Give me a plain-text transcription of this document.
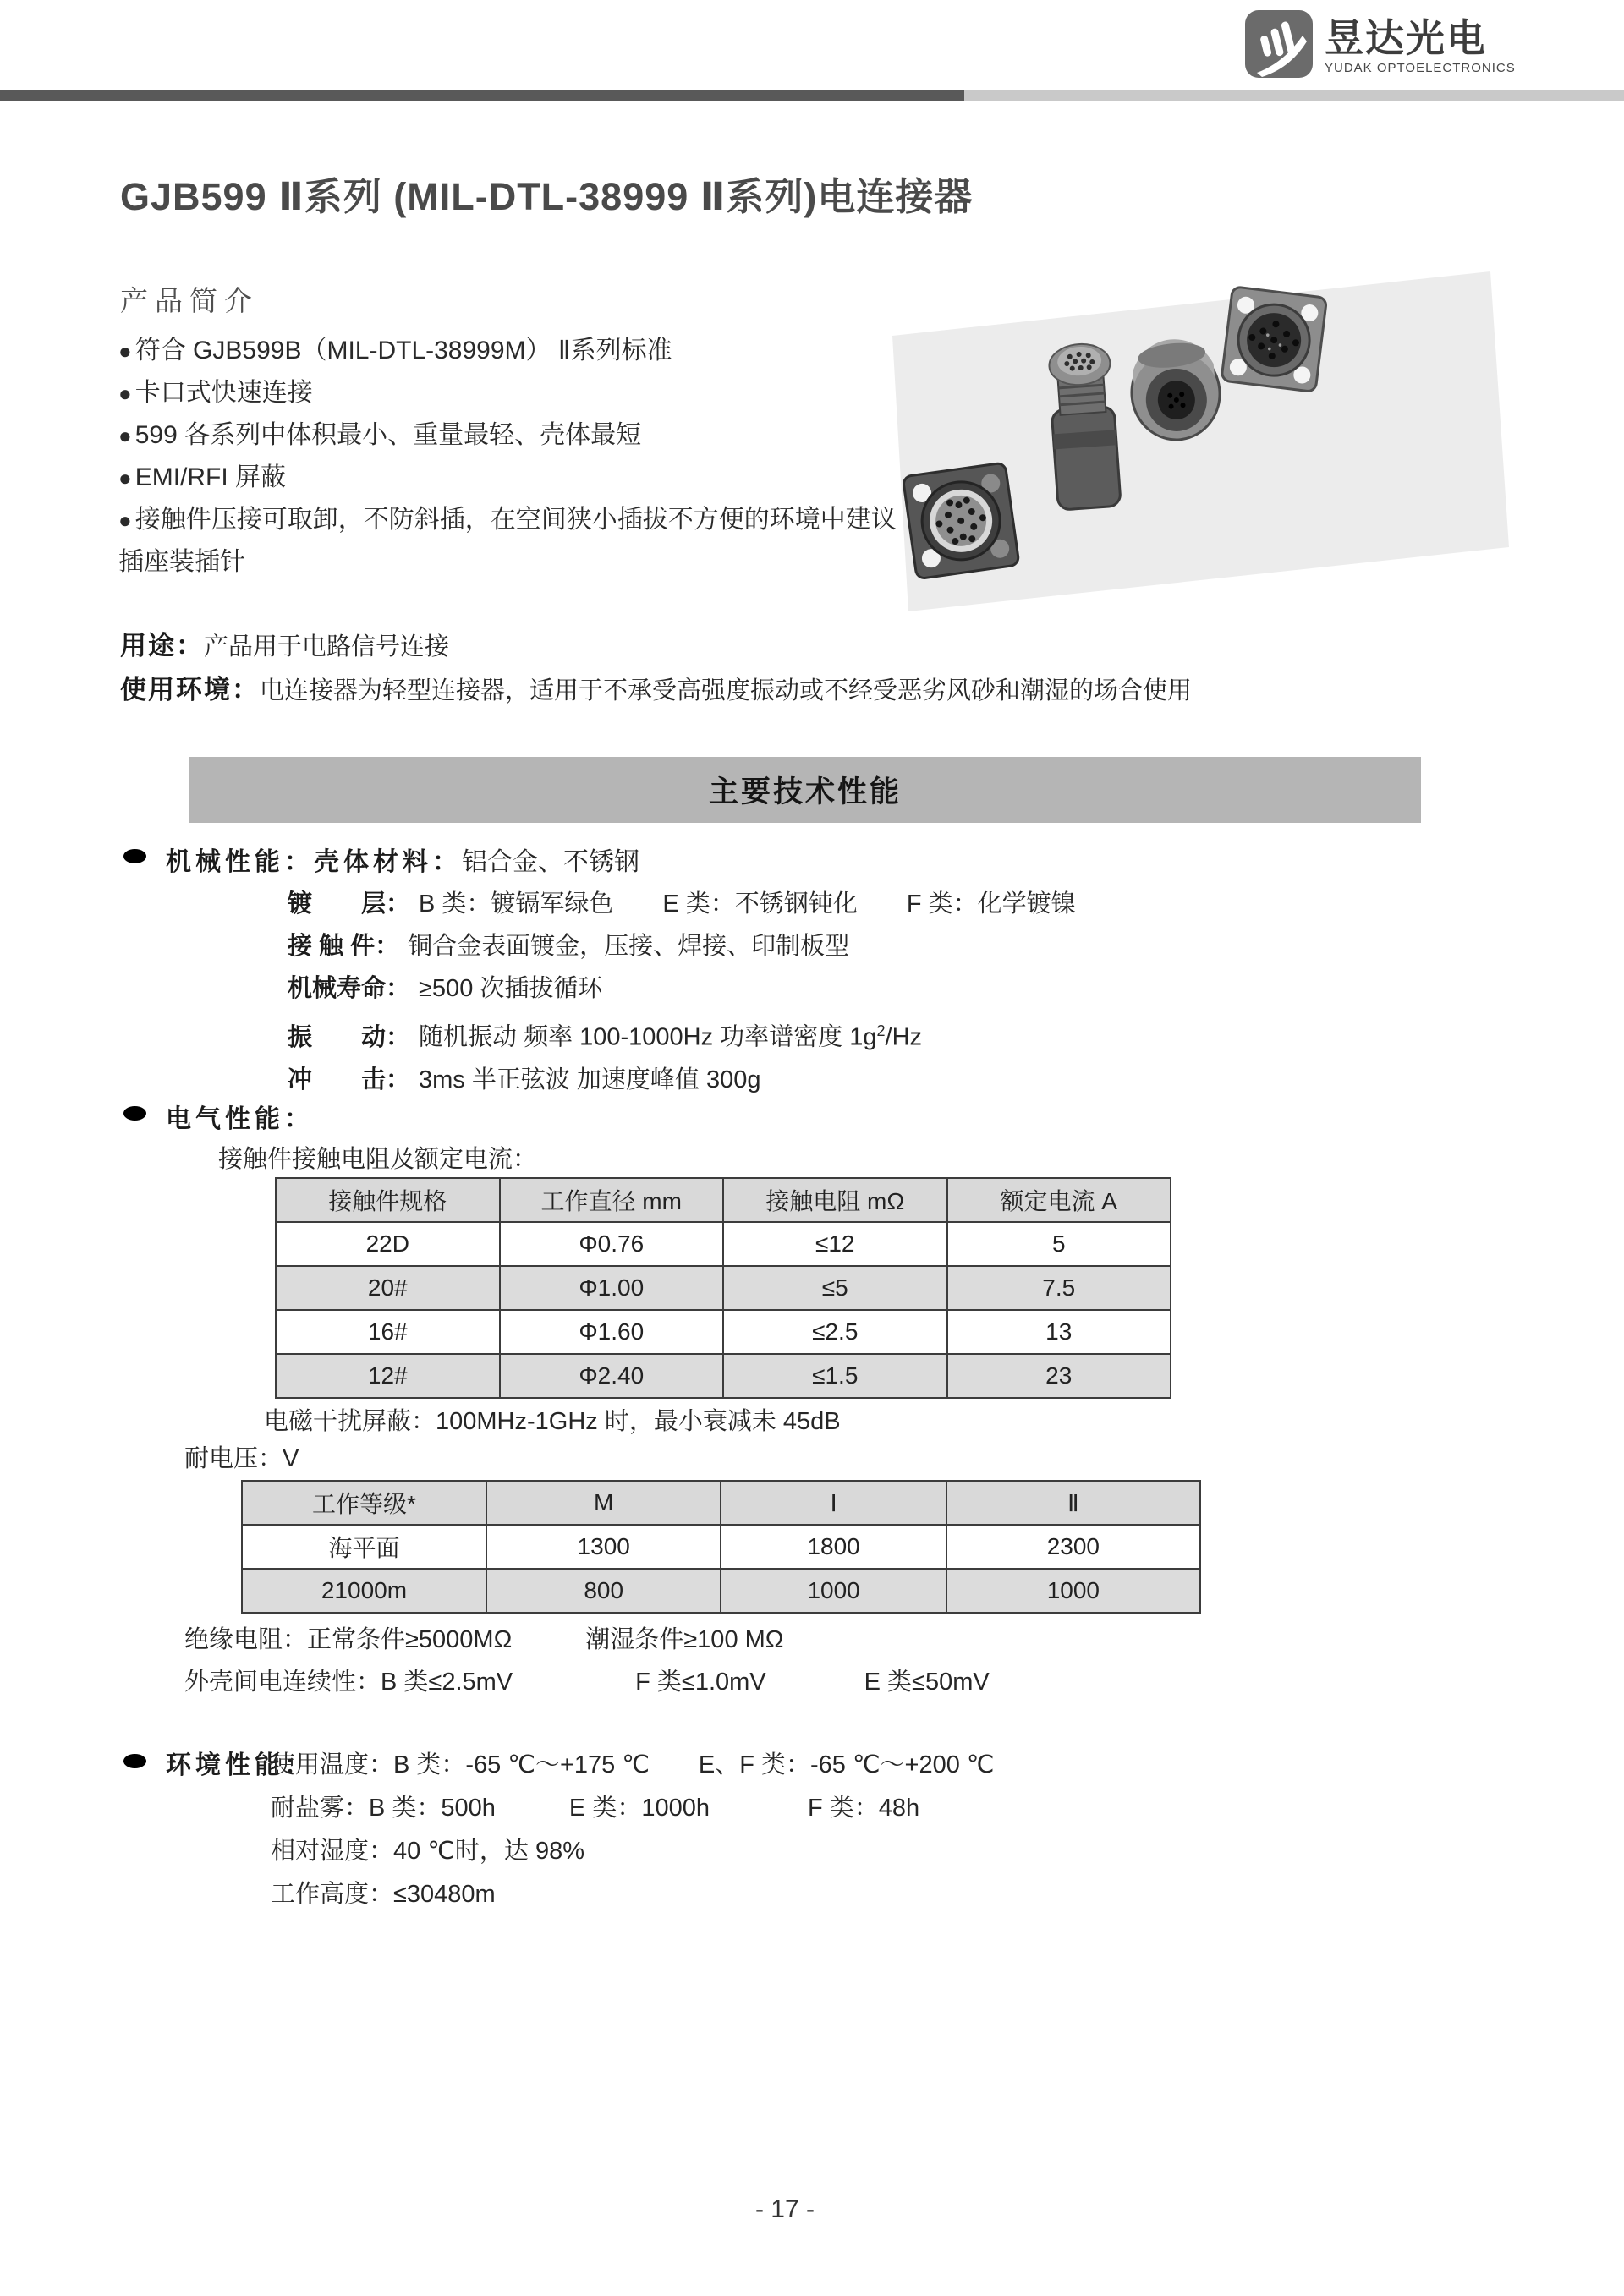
昱达光电
YUDAK OPTOELECTRONICS
GJB599 Ⅱ系列 (MIL-DTL-38999 Ⅱ系列)电连接器
产品简介
● 符合 GJB599B（MIL-DTL-38999M） Ⅱ系列标准
● 卡口式快速连接
● 599 各系列中体积最小、重量最轻、壳体最短
● EMI/RFI 屏蔽
● 接触件压接可取卸，不防斜插，在空间狭小插拔不方便的环境中建议
插座装插针
用途：产品用于电路信号连接
使用环境：电连接器为轻型连接器，适用于不承受高强度振动或不经受恶劣风砂和潮湿的场合使用
主要技术性能
机械性能：壳体材料：铝合金、不锈钢
镀　　层： B 类：镀镉军绿色　　E 类：不锈钢钝化　　F 类：化学镀镍
接 触 件： 铜合金表面镀金，压接、焊接、印制板型
机械寿命： ≥500 次插拔循环
振　　动： 随机振动 频率 100-1000Hz 功率谱密度 $1g^2/Hz$
冲　　击： 3ms 半正弦波 加速度峰值 300g
电气性能：
接触件接触电阻及额定电流：
接触件规格	工作直径 mm	接触电阻 mΩ	额定电流 A
22D	Φ0.76	≤12	5
20#	Φ1.00	≤5	7.5
16#	Φ1.60	≤2.5	13
12#	Φ2.40	≤1.5	23
电磁干扰屏蔽：100MHz-1GHz 时，最小衰减未 45dB
耐电压：V
工作等级*	M	Ⅰ	Ⅱ
海平面	1300	1800	2300
21000m	800	1000	1000
绝缘电阻：正常条件≥5000MΩ　　　潮湿条件≥100 MΩ
外壳间电连续性：B 类≤2.5mV　　　　　F 类≤1.0mV　　　　E 类≤50mV
环境性能：
使用温度：B 类：-65 ℃～+175 ℃　　E、F 类：-65 ℃～+200 ℃
耐盐雾：B 类：500h　　　E 类：1000h　　　　F 类：48h
相对湿度：40 ℃时，达 98%
工作高度：≤30480m
- 17 -
